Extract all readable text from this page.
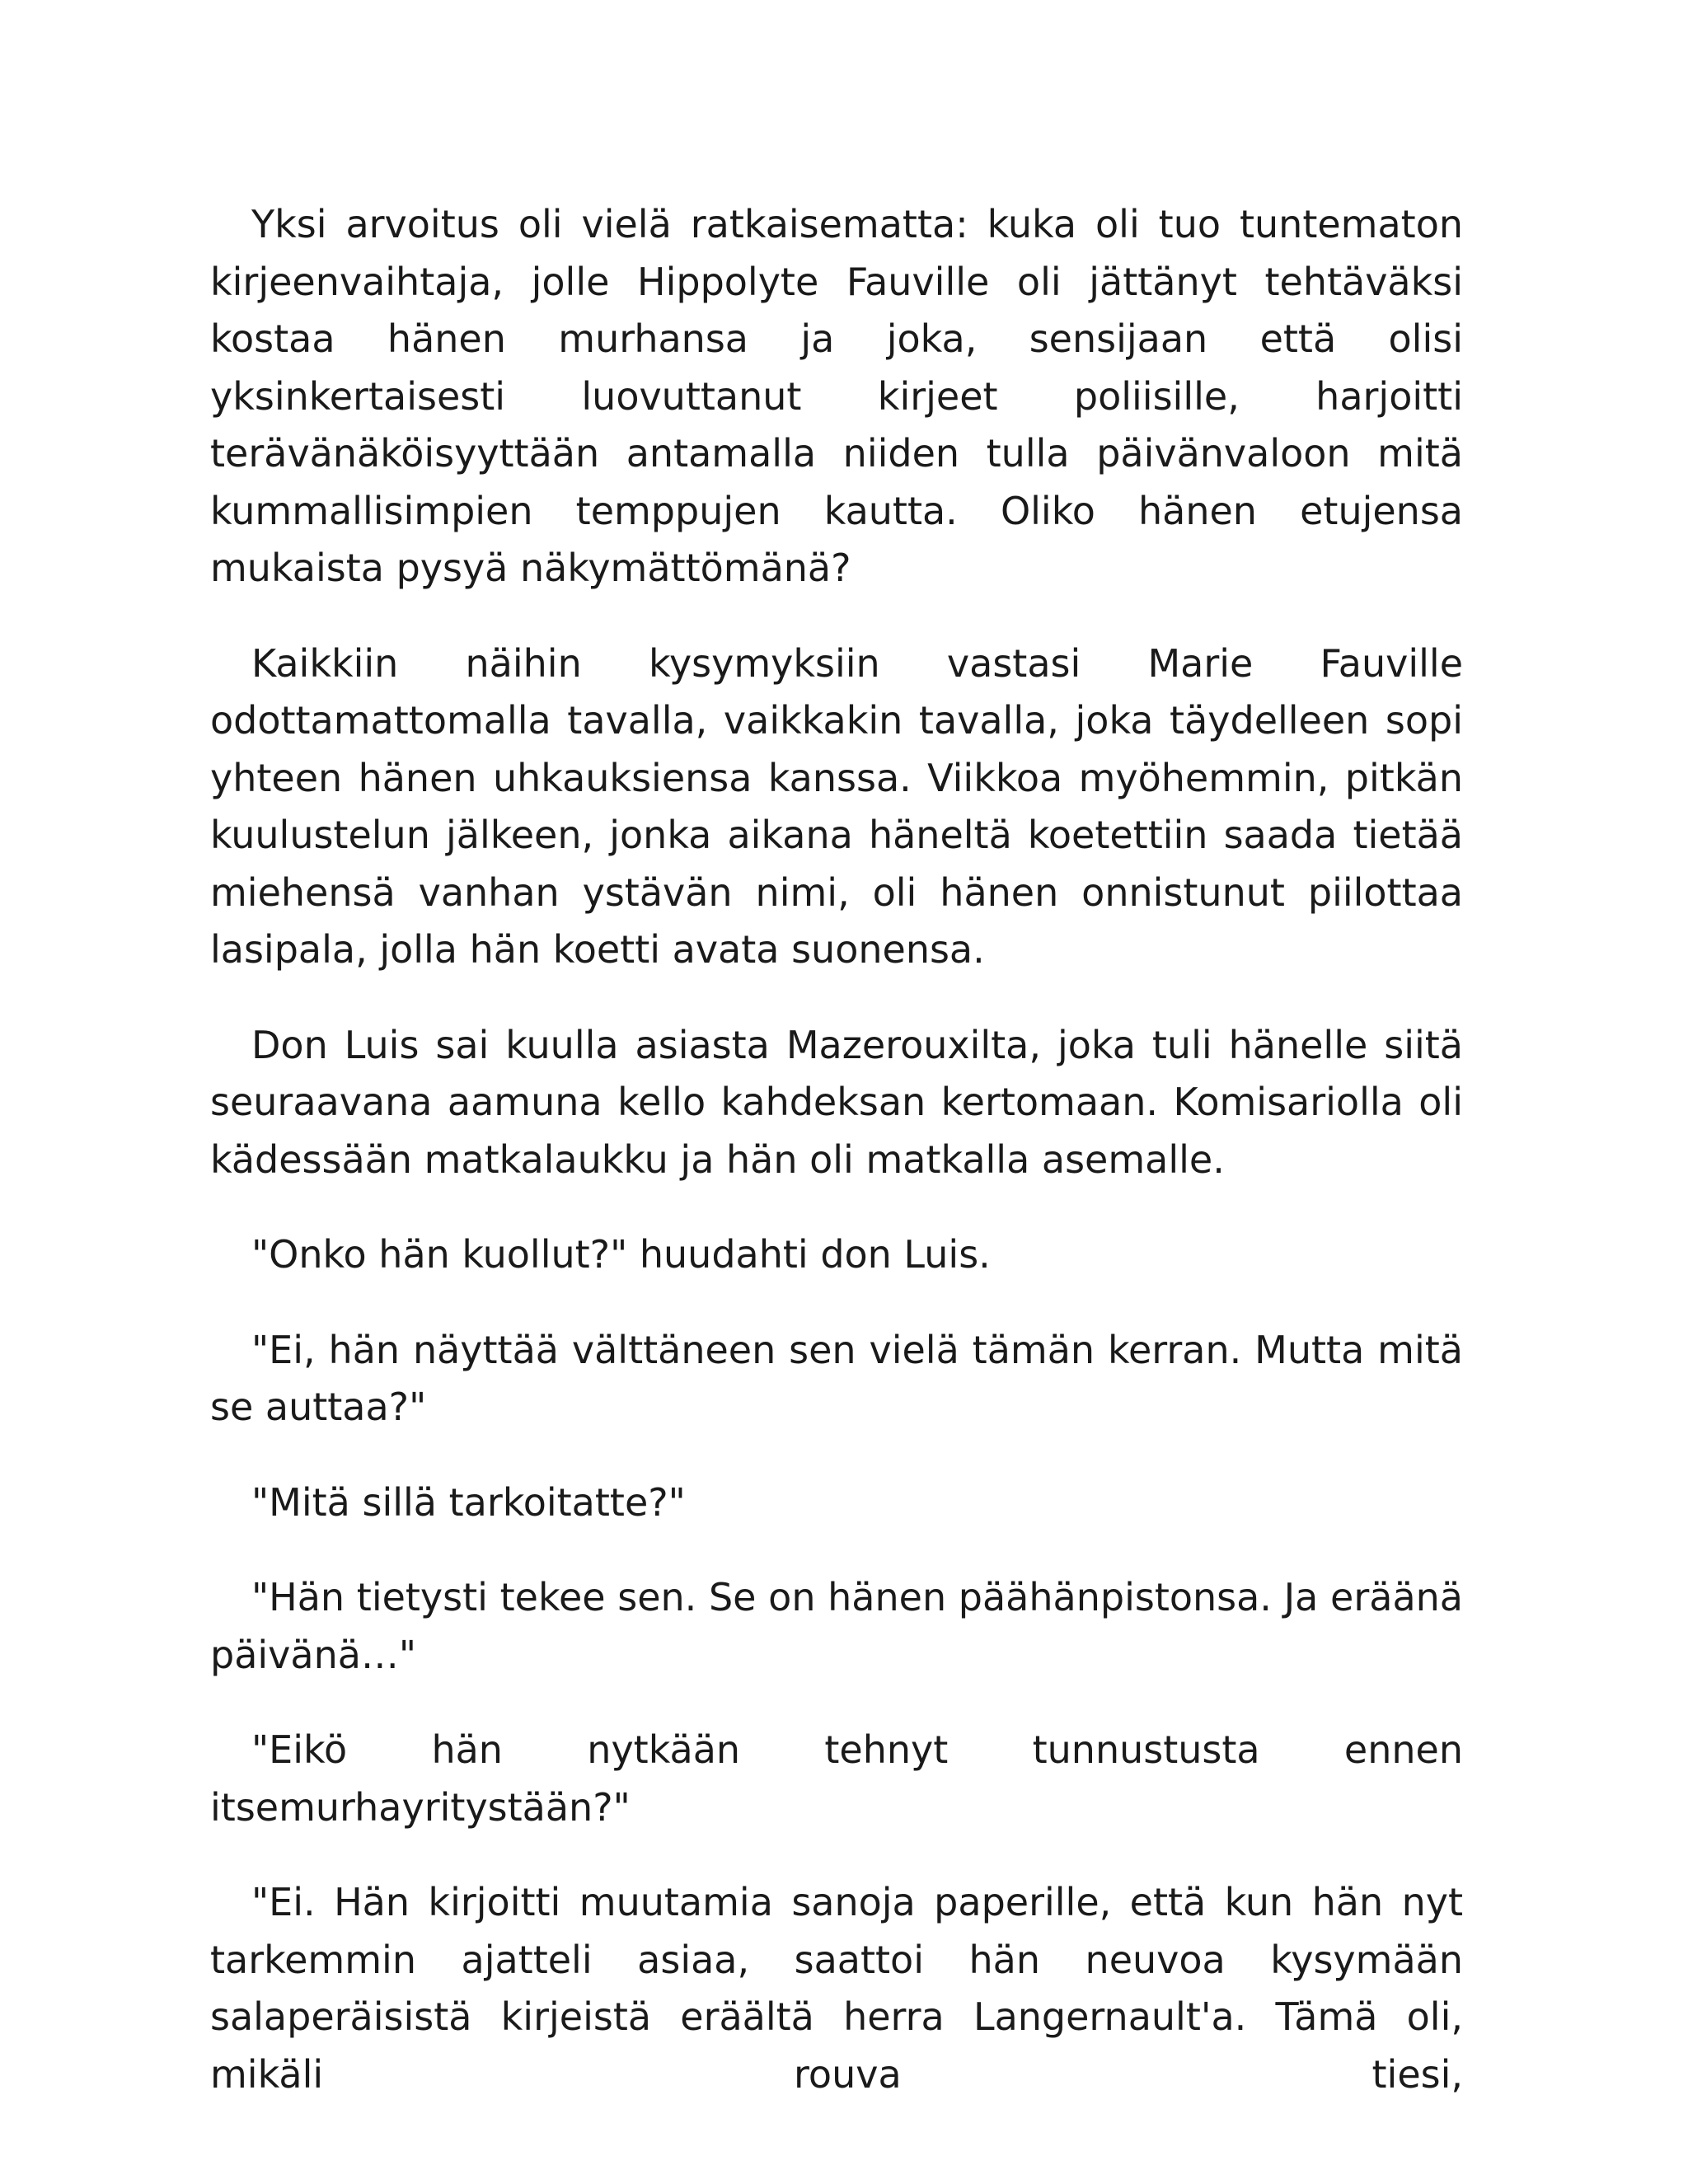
Yksi arvoitus oli vielä ratkaisematta: kuka oli tuo tuntematon kirjeenvaihtaja, jolle Hippolyte Fauville oli jättänyt tehtäväksi kostaa hänen murhansa ja joka, sensijaan että olisi yksinkertaisesti luovuttanut kirjeet poliisille, harjoitti terävänäköisyyttään antamalla niiden tulla päivänvaloon mitä kummallisimpien temppujen kautta. Oliko hänen etujensa mukaista pysyä näkymättömänä?

Kaikkiin näihin kysymyksiin vastasi Marie Fauville odottamattomalla tavalla, vaikkakin tavalla, joka täydelleen sopi yhteen hänen uhkauksiensa kanssa. Viikkoa myöhemmin, pitkän kuulustelun jälkeen, jonka aikana häneltä koetettiin saada tietää miehensä vanhan ystävän nimi, oli hänen onnistunut piilottaa lasipala, jolla hän koetti avata suonensa.

Don Luis sai kuulla asiasta Mazerouxilta, joka tuli hänelle siitä seuraavana aamuna kello kahdeksan kertomaan. Komisariolla oli kädessään matkalaukku ja hän oli matkalla asemalle.

"Onko hän kuollut?" huudahti don Luis.

"Ei, hän näyttää välttäneen sen vielä tämän kerran. Mutta mitä se auttaa?"

"Mitä sillä tarkoitatte?"

"Hän tietysti tekee sen. Se on hänen päähänpistonsa. Ja eräänä päivänä…"

"Eikö hän nytkään tehnyt tunnustusta ennen itsemurhayritystään?"

"Ei. Hän kirjoitti muutamia sanoja paperille, että kun hän nyt tarkemmin ajatteli asiaa, saattoi hän neuvoa kysymään salaperäisistä kirjeistä eräältä herra Langernault'a. Tämä oli, mikäli rouva tiesi,
